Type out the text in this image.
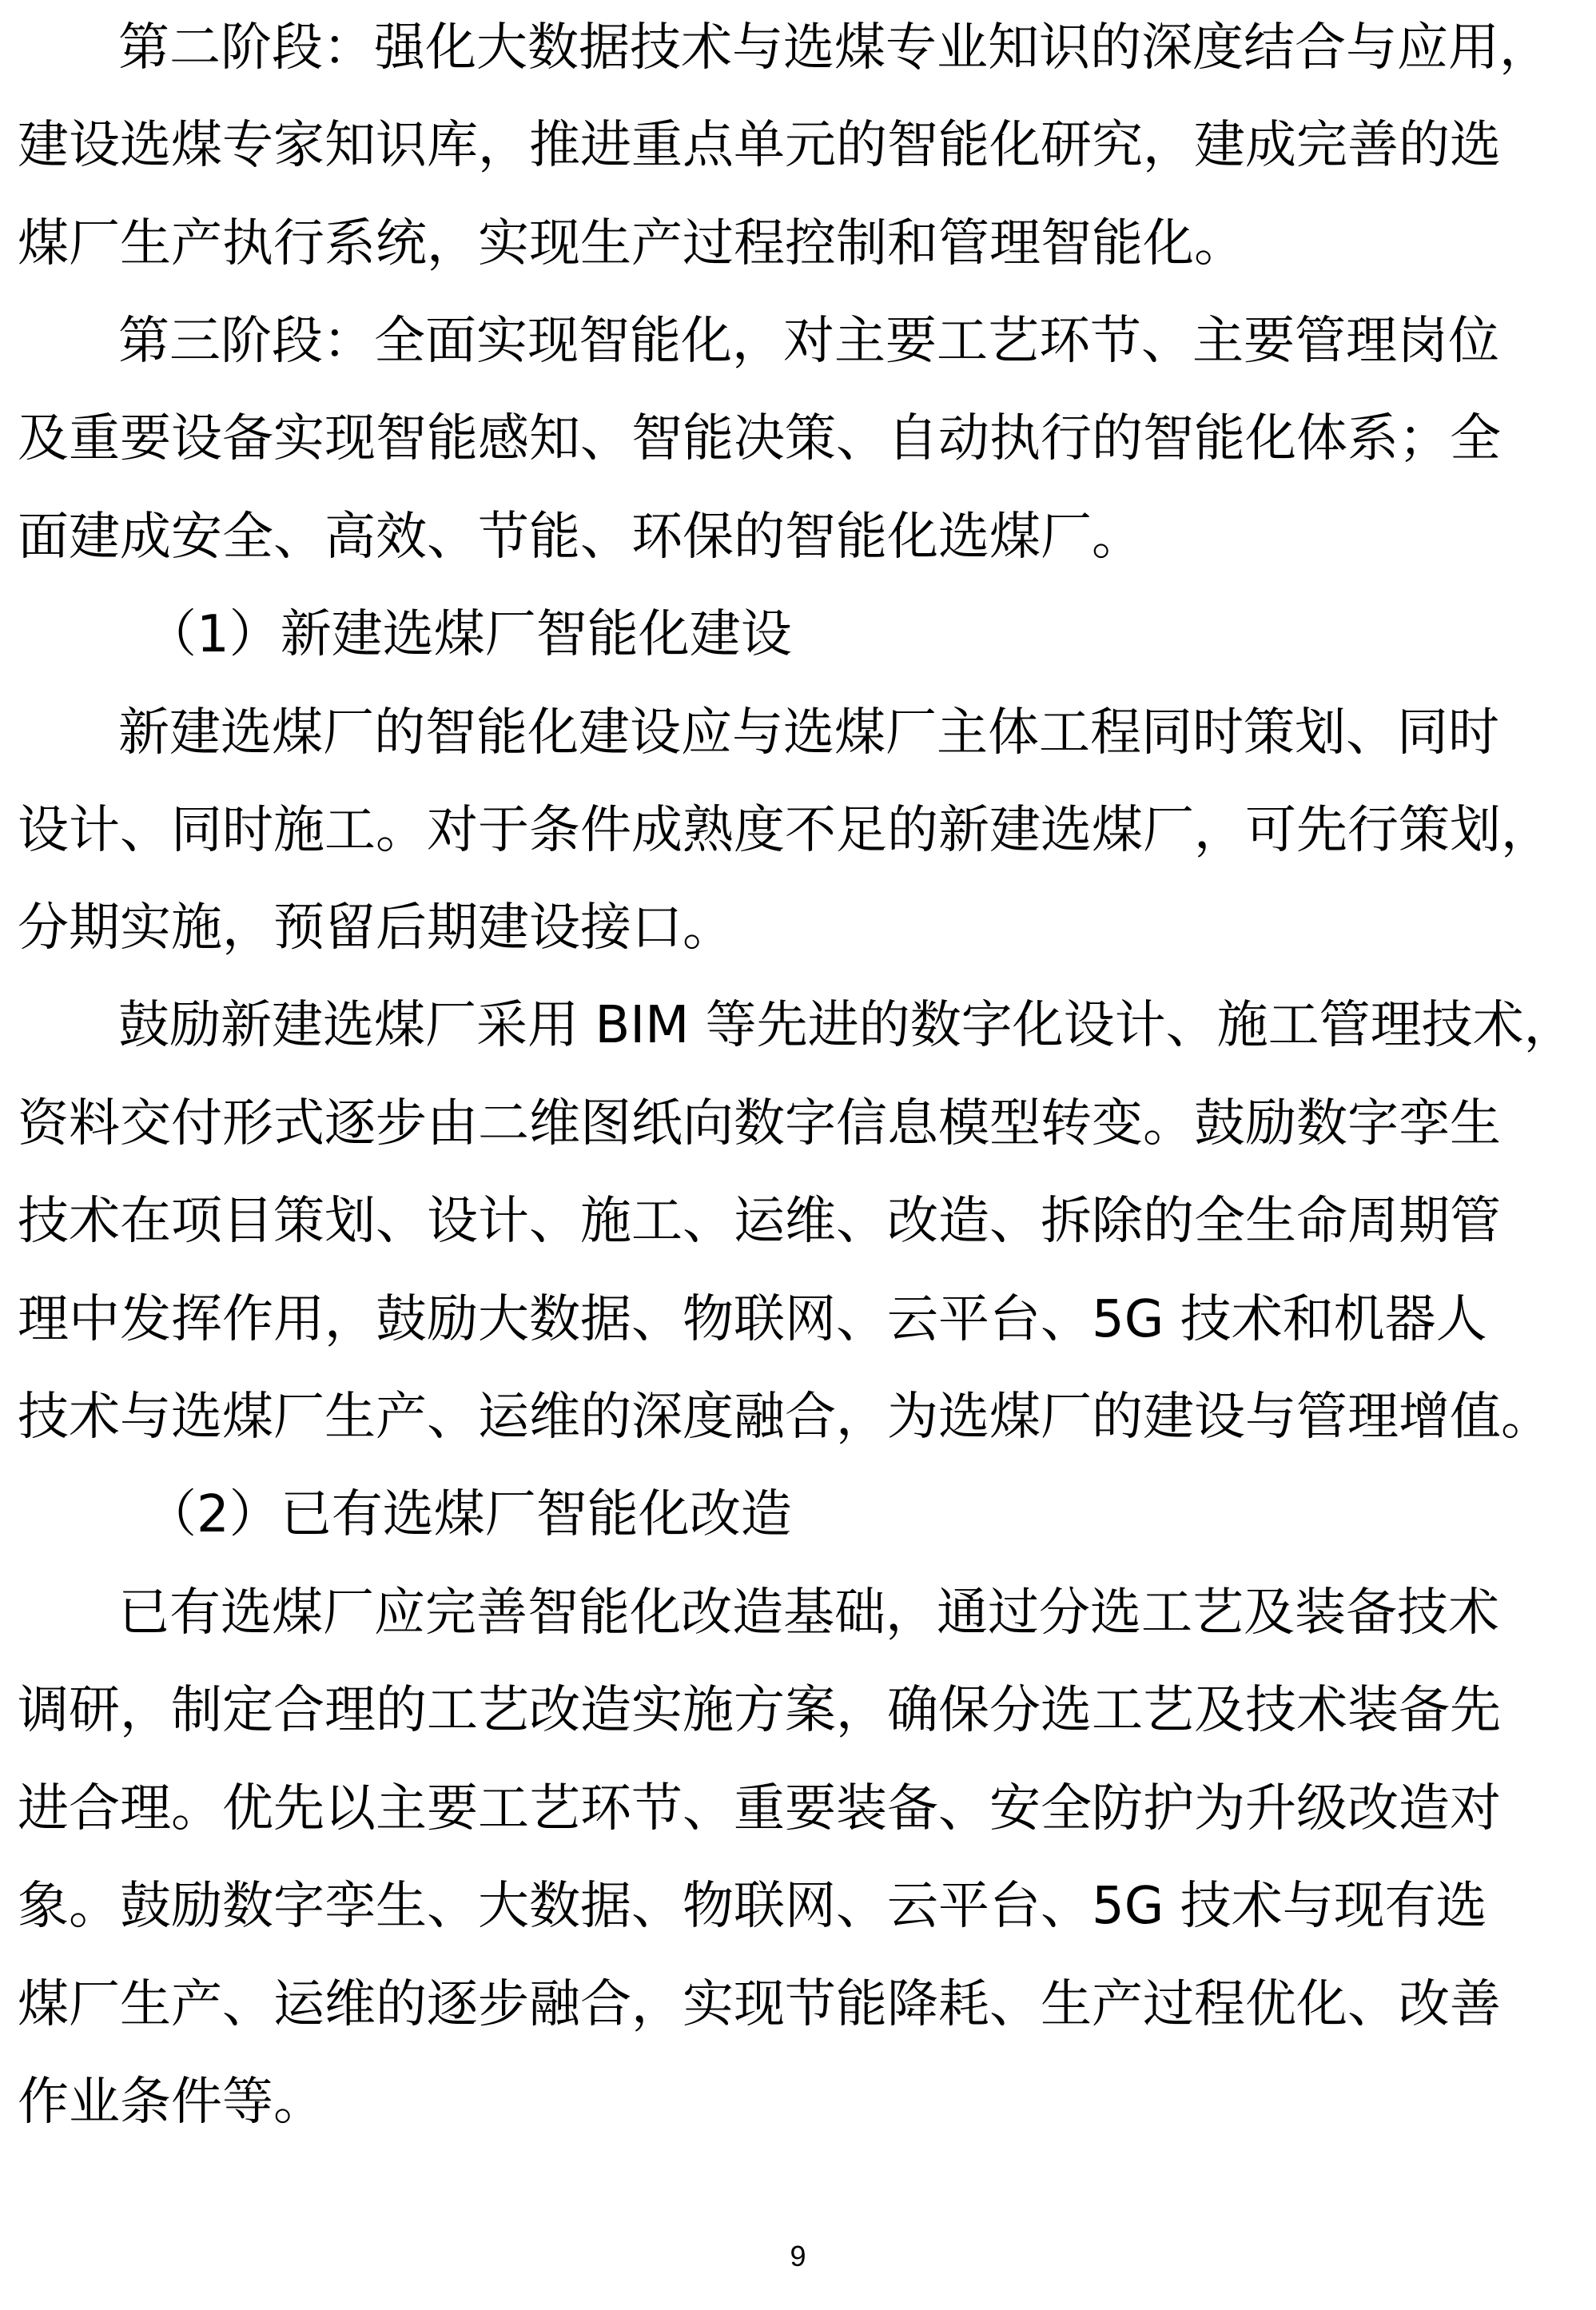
第二阶段：强化大数据技术与选煤专业知识的深度结合与应用，
建设选煤专家知识库，推进重点单元的智能化研究，建成完善的选
煤厂生产执行系统，实现生产过程控制和管理智能化。
第三阶段：全面实现智能化，对主要工艺环节、主要管理岗位
及重要设备实现智能感知、智能决策、自动执行的智能化体系；全
面建成安全、高效、节能、环保的智能化选煤厂。
（1）新建选煤厂智能化建设
新建选煤厂的智能化建设应与选煤厂主体工程同时策划、同时
设计、同时施工。对于条件成熟度不足的新建选煤厂，可先行策划，
分期实施，预留后期建设接口。
鼓励新建选煤厂采用 BIM 等先进的数字化设计、施工管理技术，
资料交付形式逐步由二维图纸向数字信息模型转变。鼓励数字孪生
技术在项目策划、设计、施工、运维、改造、拆除的全生命周期管
理中发挥作用，鼓励大数据、物联网、云平台、5G 技术和机器人
技术与选煤厂生产、运维的深度融合，为选煤厂的建设与管理增值。
（2）已有选煤厂智能化改造
已有选煤厂应完善智能化改造基础，通过分选工艺及装备技术
调研，制定合理的工艺改造实施方案，确保分选工艺及技术装备先
进合理。优先以主要工艺环节、重要装备、安全防护为升级改造对
象。鼓励数字孪生、大数据、物联网、云平台、5G 技术与现有选
煤厂生产、运维的逐步融合，实现节能降耗、生产过程优化、改善
作业条件等。
9
